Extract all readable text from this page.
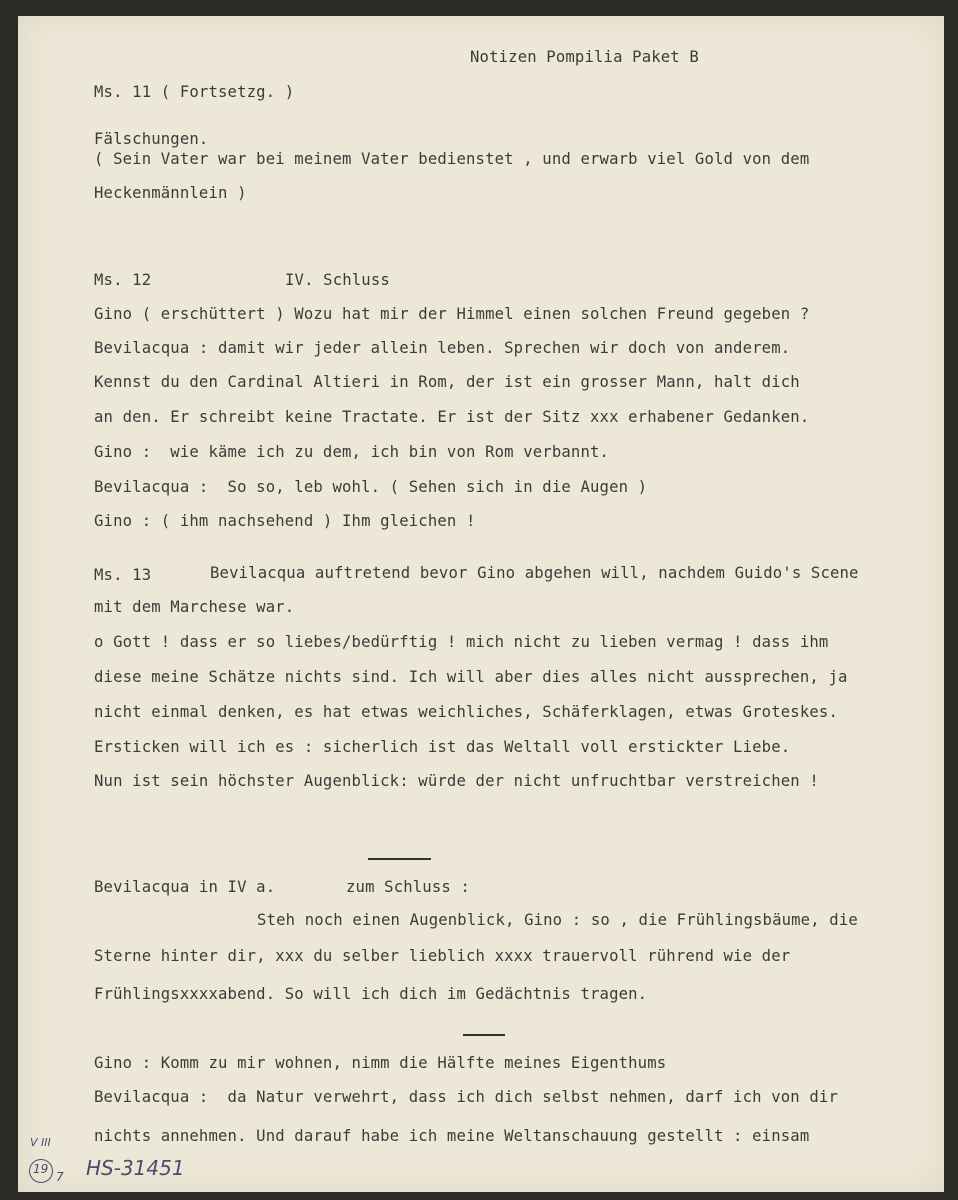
Notizen Pompilia Paket B
Ms. 11 ( Fortsetzg. )
Fälschungen.
( Sein Vater war bei meinem Vater bedienstet , und erwarb viel Gold von dem
Heckenmännlein )
Ms. 12	IV. Schluss
Gino ( erschüttert ) Wozu hat mir der Himmel einen solchen Freund gegeben ?
Bevilacqua : damit wir jeder allein leben. Sprechen wir doch von anderem.
Kennst du den Cardinal Altieri in Rom, der ist ein grosser Mann, halt dich
an den. Er schreibt keine Tractate. Er ist der Sitz xxx erhabener Gedanken.
Gino :  wie käme ich zu dem, ich bin von Rom verbannt.
Bevilacqua :  So so, leb wohl. ( Sehen sich in die Augen )
Gino : ( ihm nachsehend ) Ihm gleichen !
Ms. 13	Bevilacqua auftretend bevor Gino abgehen will, nachdem Guido's Scene
mit dem Marchese war.
o Gott ! dass er so liebes/bedürftig ! mich nicht zu lieben vermag ! dass ihm
diese meine Schätze nichts sind. Ich will aber dies alles nicht aussprechen, ja
nicht einmal denken, es hat etwas weichliches, Schäferklagen, etwas Groteskes.
Ersticken will ich es : sicherlich ist das Weltall voll erstickter Liebe.
Nun ist sein höchster Augenblick: würde der nicht unfruchtbar verstreichen !
Bevilacqua in IV a.	zum Schluss :
Steh noch einen Augenblick, Gino : so , die Frühlingsbäume, die
Sterne hinter dir, xxx du selber lieblich xxxx trauervoll rührend wie der
Frühlingsxxxxabend. So will ich dich im Gedächtnis tragen.
Gino : Komm zu mir wohnen, nimm die Hälfte meines Eigenthums
Bevilacqua :  da Natur verwehrt, dass ich dich selbst nehmen, darf ich von dir
nichts annehmen. Und darauf habe ich meine Weltanschauung gestellt : einsam
V III
19
7 HS-31451
